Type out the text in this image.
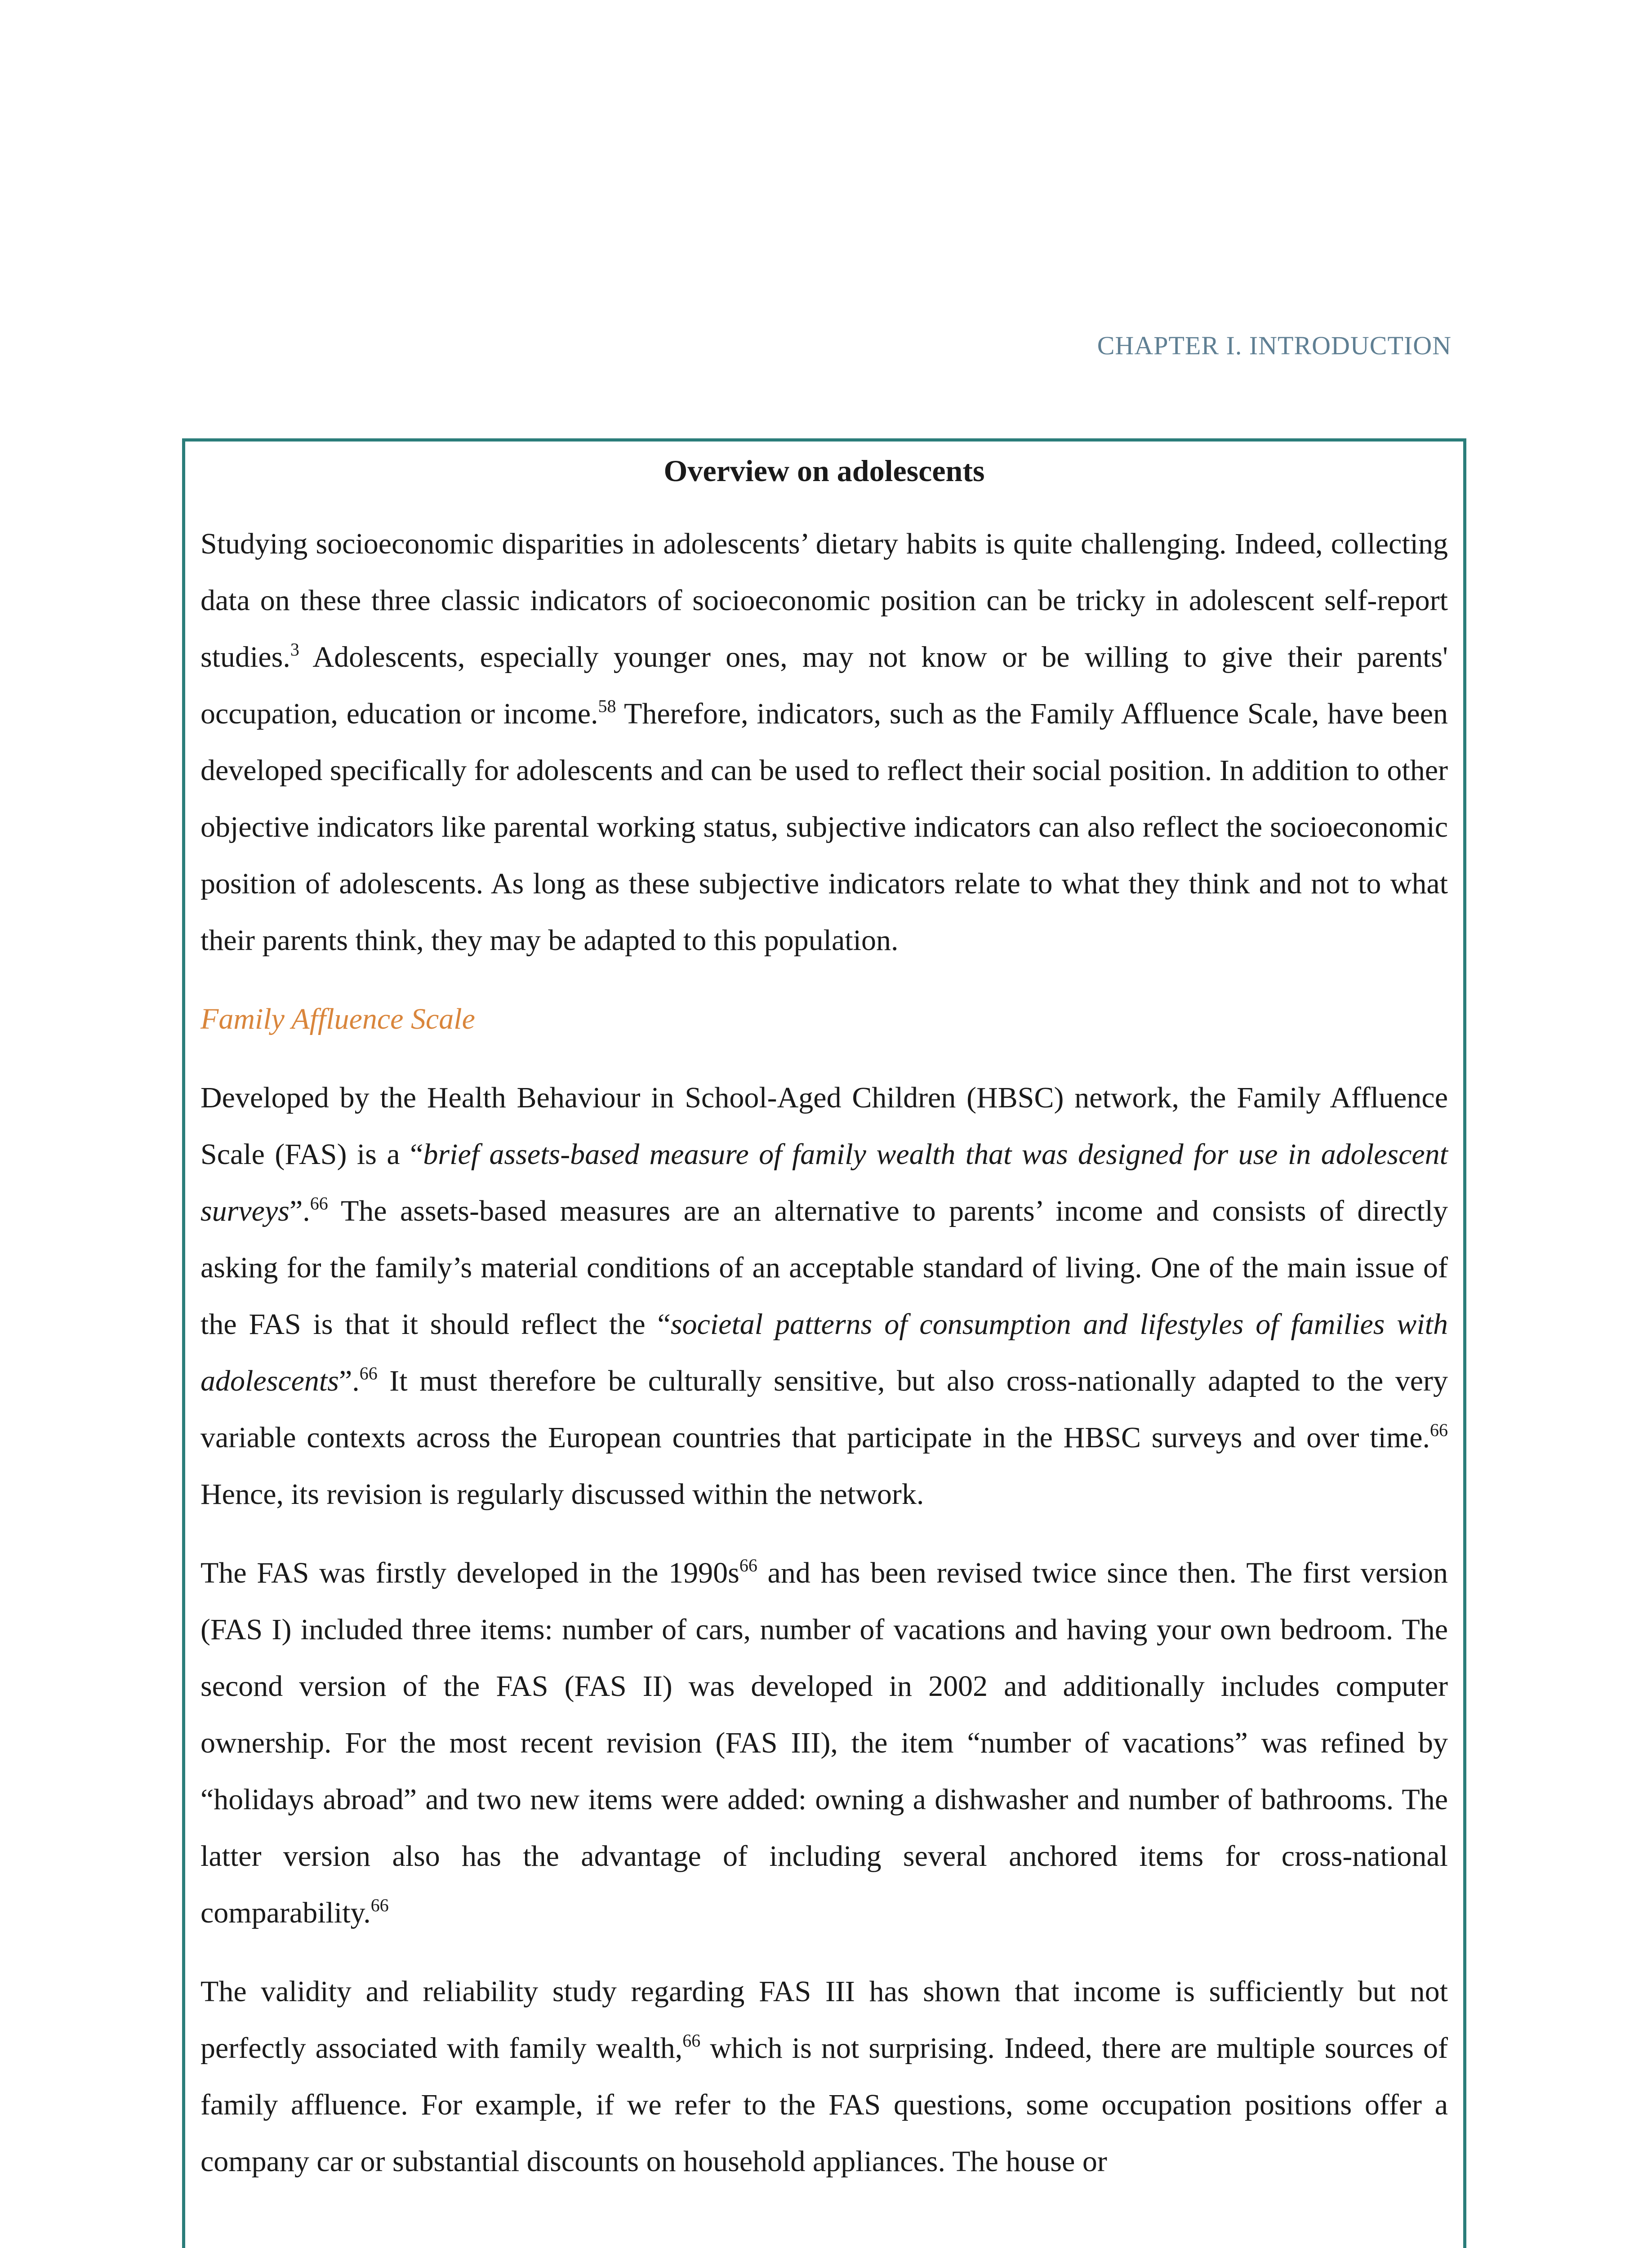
CHAPTER I. INTRODUCTION
Overview on adolescents

Studying socioeconomic disparities in adolescents’ dietary habits is quite challenging. Indeed, collecting data on these three classic indicators of socioeconomic position can be tricky in adolescent self-report studies.$^3$ Adolescents, especially younger ones, may not know or be willing to give their parents' occupation, education or income.$^{58}$ Therefore, indicators, such as the Family Affluence Scale, have been developed specifically for adolescents and can be used to reflect their social position. In addition to other objective indicators like parental working status, subjective indicators can also reflect the socioeconomic position of adolescents. As long as these subjective indicators relate to what they think and not to what their parents think, they may be adapted to this population.

Family Affluence Scale

Developed by the Health Behaviour in School-Aged Children (HBSC) network, the Family Affluence Scale (FAS) is a “brief assets-based measure of family wealth that was designed for use in adolescent surveys”.$^{66}$ The assets-based measures are an alternative to parents’ income and consists of directly asking for the family’s material conditions of an acceptable standard of living. One of the main issue of the FAS is that it should reflect the “societal patterns of consumption and lifestyles of families with adolescents”.$^{66}$ It must therefore be culturally sensitive, but also cross-nationally adapted to the very variable contexts across the European countries that participate in the HBSC surveys and over time.$^{66}$ Hence, its revision is regularly discussed within the network.

The FAS was firstly developed in the $1990s^{66}$ and has been revised twice since then. The first version (FAS I) included three items: number of cars, number of vacations and having your own bedroom. The second version of the FAS (FAS II) was developed in 2002 and additionally includes computer ownership. For the most recent revision (FAS III), the item “number of vacations” was refined by “holidays abroad” and two new items were added: owning a dishwasher and number of bathrooms. The latter version also has the advantage of including several anchored items for cross-national comparability.$^{66}$

The validity and reliability study regarding FAS III has shown that income is sufficiently but not perfectly associated with family wealth,$^{66}$ which is not surprising. Indeed, there are multiple sources of family affluence. For example, if we refer to the FAS questions, some occupation positions offer a company car or substantial discounts on household appliances. The house or
